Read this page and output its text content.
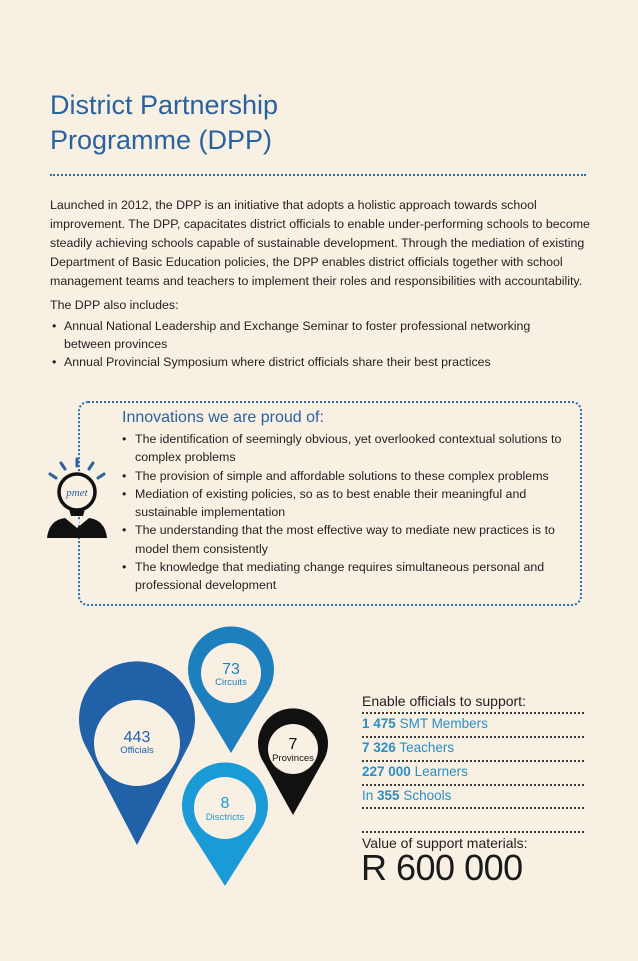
District Partnership
Programme (DPP)

Launched in 2012, the DPP is an initiative that adopts a holistic approach towards school improvement. The DPP, capacitates district officials to enable under-performing schools to become steadily achieving schools capable of sustainable development. Through the mediation of existing Department of Basic Education policies, the DPP enables district officials together with school management teams and teachers to implement their roles and responsibilities with accountability.

The DPP also includes:

• Annual National Leadership and Exchange Seminar to foster professional networking between provinces
• Annual Provincial Symposium where district officials share their best practices
pmet
Innovations we are proud of:
• The identification of seemingly obvious, yet overlooked contextual solutions to complex problems
• The provision of simple and affordable solutions to these complex problems
• Mediation of existing policies, so as to best enable their meaningful and sustainable implementation
• The understanding that the most effective way to mediate new practices is to model them consistently
• The knowledge that mediating change requires simultaneous personal and professional development
443
Officials
73
Circuits
7
Provinces
8
Disctricts
Enable officials to support:
1 475 SMT Members
7 326 Teachers
227 000 Learners
In 355 Schools

Value of support materials:

R 600 000
